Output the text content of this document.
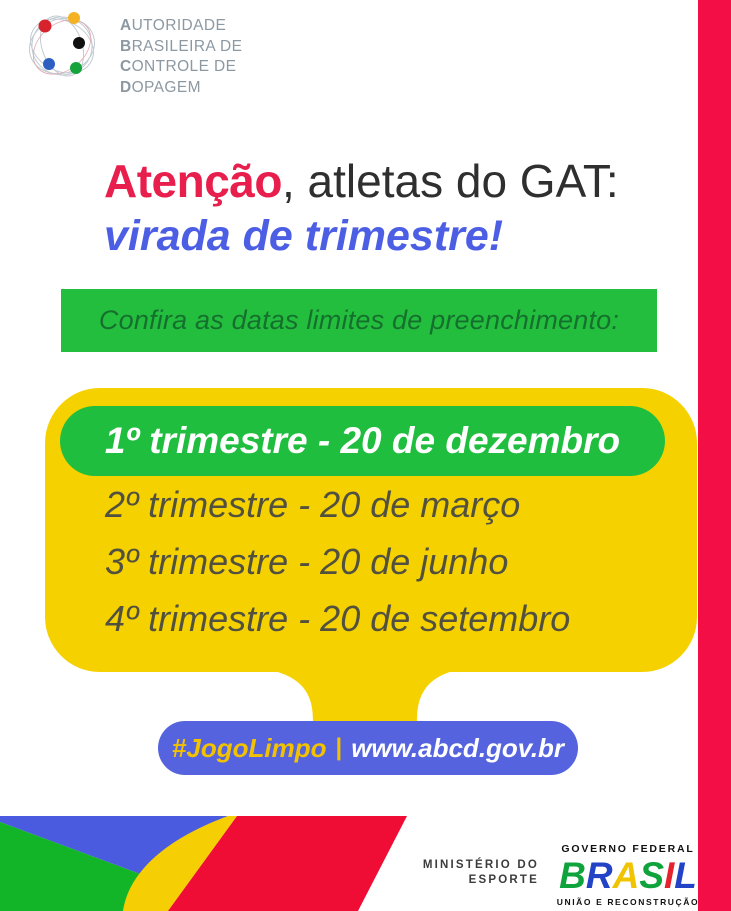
AUTORIDADE
BRASILEIRA DE
CONTROLE DE
DOPAGEM
Atenção, atletas do GAT:
virada de trimestre!
Confira as datas limites de preenchimento:
1º trimestre - 20 de dezembro
2º trimestre - 20 de março
3º trimestre - 20 de junho
4º trimestre - 20 de setembro
#JogoLimpo | www.abcd.gov.br
MINISTÉRIO DO
ESPORTE
GOVERNO FEDERAL
BRASIL
UNIÃO E RECONSTRUÇÃO
